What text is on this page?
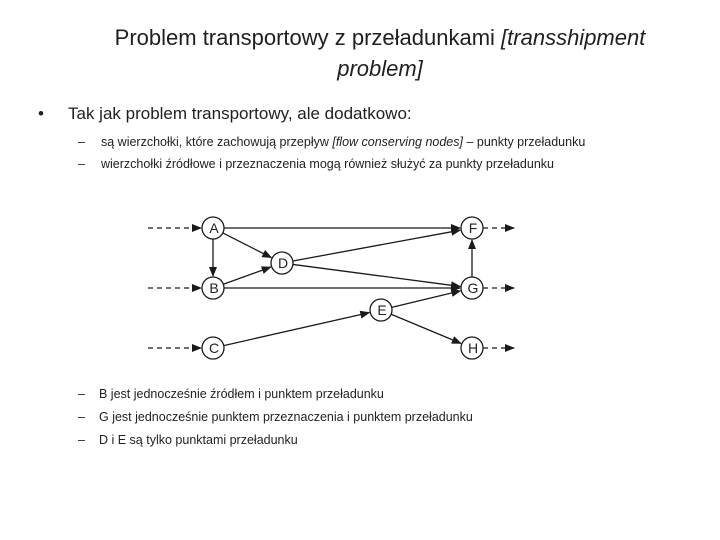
Problem transportowy z przeładunkami [transshipment
problem]
• Tak jak problem transportowy, ale dodatkowo:
– są wierzchołki, które zachowują przepływ [flow conserving nodes] – punkty przeładunku
– wierzchołki źródłowe i przeznaczenia mogą również służyć za punkty przeładunku
A
B
C
D
E
F
G
H
– B jest jednocześnie źródłem i punktem przeładunku
– G jest jednocześnie punktem przeznaczenia i punktem przeładunku
– D i E są tylko punktami przeładunku
